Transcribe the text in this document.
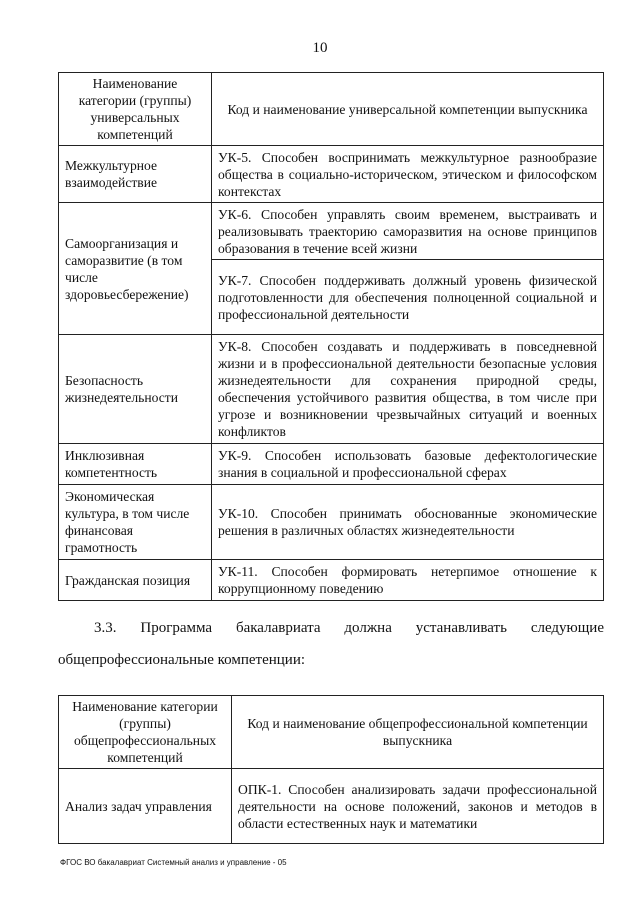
10
Наименование категории (группы) универсальных компетенций	Код и наименование универсальной компетенции выпускника
Межкультурное взаимодействие	УК-5. Способен воспринимать межкультурное разнообразие общества в социально-историческом, этическом и философском контекстах
Самоорганизация и саморазвитие (в том числе здоровьесбережение)	УК-6. Способен управлять своим временем, выстраивать и реализовывать траекторию саморазвития на основе принципов образования в течение всей жизни
	УК-7. Способен поддерживать должный уровень физической подготовленности для обеспечения полноценной социальной и профессиональной деятельности
Безопасность жизнедеятельности	УК-8. Способен создавать и поддерживать в повседневной жизни и в профессиональной деятельности безопасные условия жизнедеятельности для сохранения природной среды, обеспечения устойчивого развития общества, в том числе при угрозе и возникновении чрезвычайных ситуаций и военных конфликтов
Инклюзивная компетентность	УК-9. Способен использовать базовые дефектологические знания в социальной и профессиональной сферах
Экономическая культура, в том числе финансовая грамотность	УК-10. Способен принимать обоснованные экономические решения в различных областях жизнедеятельности
Гражданская позиция	УК-11. Способен формировать нетерпимое отношение к коррупционному поведению
3.3. Программа бакалавриата должна устанавливать следующие
общепрофессиональные компетенции:
Наименование категории (группы) общепрофессиональных компетенций	Код и наименование общепрофессиональной компетенции выпускника
Анализ задач управления	ОПК-1. Способен анализировать задачи профессиональной деятельности на основе положений, законов и методов в области естественных наук и математики
ФГОС ВО бакалавриат Системный анализ и управление - 05
